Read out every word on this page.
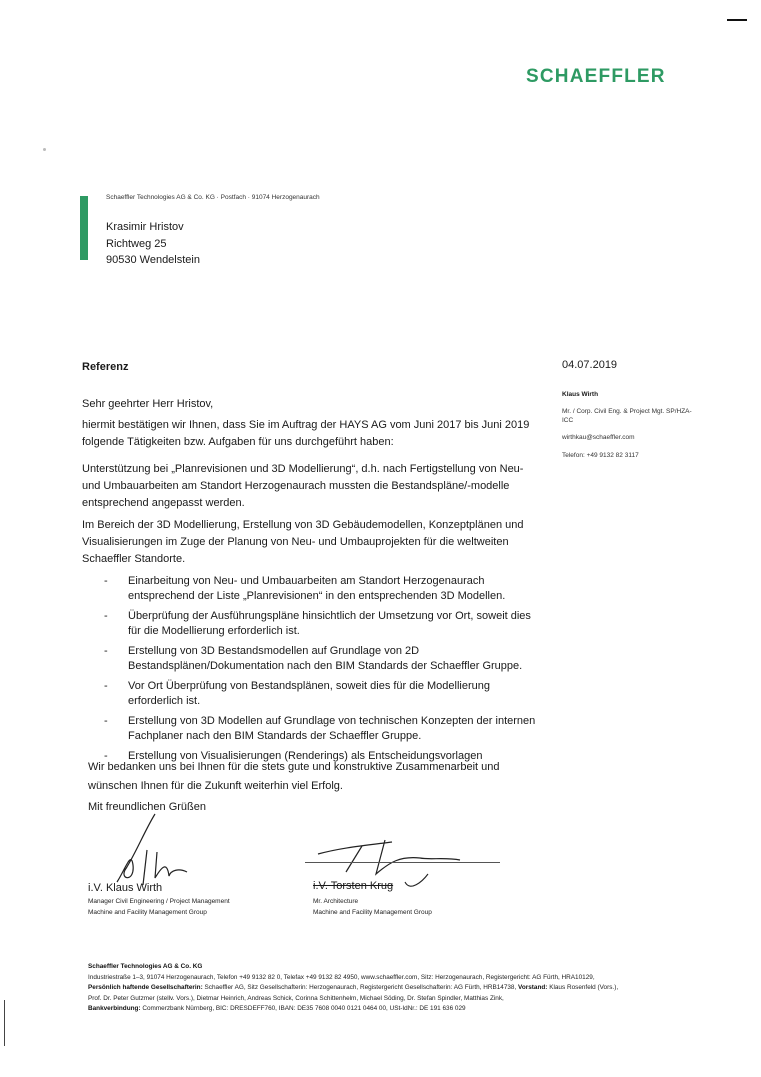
SCHAEFFLER
Schaeffler Technologies AG & Co. KG · Postfach · 91074 Herzogenaurach
Krasimir Hristov
Richtweg 25
90530 Wendelstein
Referenz	04.07.2019
Klaus Wirth
Mr. / Corp. Civil Eng. & Project Mgt. SP/HZA-ICC
wirthkau@schaeffler.com
Telefon: +49 9132 82 3117
Sehr geehrter Herr Hristov,
hiermit bestätigen wir Ihnen, dass Sie im Auftrag der HAYS AG vom Juni 2017 bis Juni 2019 folgende Tätigkeiten bzw. Aufgaben für uns durchgeführt haben:
Unterstützung bei „Planrevisionen und 3D Modellierung“, d.h. nach Fertigstellung von Neu- und Umbauarbeiten am Standort Herzogenaurach mussten die Bestandspläne/-modelle entsprechend angepasst werden.
Im Bereich der 3D Modellierung, Erstellung von 3D Gebäudemodellen, Konzeptplänen und Visualisierungen im Zuge der Planung von Neu- und Umbauprojekten für die weltweiten Schaeffler Standorte.
- Einarbeitung von Neu- und Umbauarbeiten am Standort Herzogenaurach entsprechend der Liste „Planrevisionen“ in den entsprechenden 3D Modellen.
- Überprüfung der Ausführungspläne hinsichtlich der Umsetzung vor Ort, soweit dies für die Modellierung erforderlich ist.
- Erstellung von 3D Bestandsmodellen auf Grundlage von 2D Bestandsplänen/Dokumentation nach den BIM Standards der Schaeffler Gruppe.
- Vor Ort Überprüfung von Bestandsplänen, soweit dies für die Modellierung erforderlich ist.
- Erstellung von 3D Modellen auf Grundlage von technischen Konzepten der internen Fachplaner nach den BIM Standards der Schaeffler Gruppe.
- Erstellung von Visualisierungen (Renderings) als Entscheidungsvorlagen
Wir bedanken uns bei Ihnen für die stets gute und konstruktive Zusammenarbeit und wünschen Ihnen für die Zukunft weiterhin viel Erfolg.
Mit freundlichen Grüßen
i.V. Klaus Wirth
Manager Civil Engineering / Project Management
Machine and Facility Management Group
i.V. Torsten Krug
Mr. Architecture
Machine and Facility Management Group
Schaeffler Technologies AG & Co. KG
Industriestraße 1–3, 91074 Herzogenaurach, Telefon +49 9132 82 0, Telefax +49 9132 82 4950, www.schaeffler.com, Sitz: Herzogenaurach, Registergericht: AG Fürth, HRA10129,
Persönlich haftende Gesellschafterin: Schaeffler AG, Sitz Gesellschafterin: Herzogenaurach, Registergericht Gesellschafterin: AG Fürth, HRB14738, Vorstand: Klaus Rosenfeld (Vors.),
Prof. Dr. Peter Gutzmer (stellv. Vors.), Dietmar Heinrich, Andreas Schick, Corinna Schittenhelm, Michael Söding, Dr. Stefan Spindler, Matthias Zink,
Bankverbindung: Commerzbank Nürnberg, BIC: DRESDEFF760, IBAN: DE35 7608 0040 0121 0464 00, USt-IdNr.: DE 191 636 029
